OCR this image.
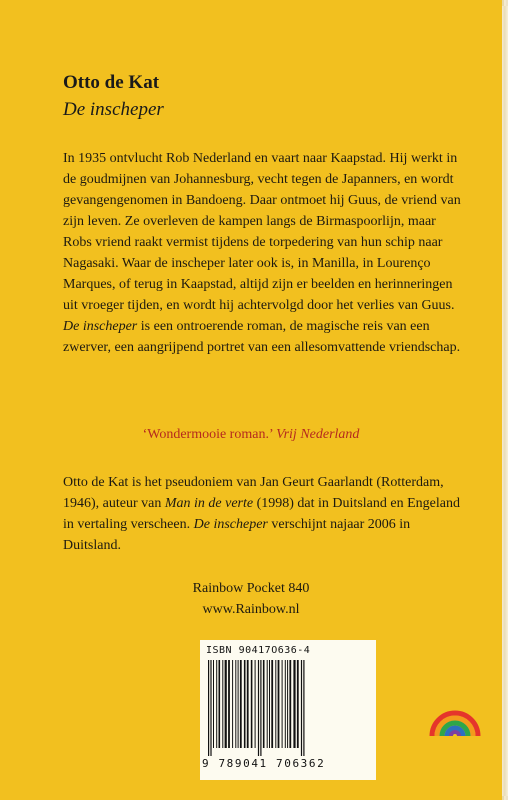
Otto de Kat
De inscheper
In 1935 ontvlucht Rob Nederland en vaart naar Kaapstad. Hij werkt in de goudmijnen van Johannesburg, vecht tegen de Japanners, en wordt gevangengenomen in Bandoeng. Daar ontmoet hij Guus, de vriend van zijn leven. Ze overleven de kampen langs de Birmaspoorlijn, maar Robs vriend raakt vermist tijdens de torpedering van hun schip naar Nagasaki. Waar de inscheper later ook is, in Manilla, in Lourenço Marques, of terug in Kaapstad, altijd zijn er beelden en herinneringen uit vroeger tijden, en wordt hij achtervolgd door het verlies van Guus.
De inscheper is een ontroerende roman, de magische reis van een zwerver, een aangrijpend portret van een allesomvattende vriendschap.
‘Wondermooie roman.’ Vrij Nederland
Otto de Kat is het pseudoniem van Jan Geurt Gaarlandt (Rotterdam, 1946), auteur van Man in de verte (1998) dat in Duitsland en Engeland in vertaling verscheen. De inscheper verschijnt najaar 2006 in Duitsland.
Rainbow Pocket 840
www.Rainbow.nl
ISBN 90417O636-4
9 789041 706362
